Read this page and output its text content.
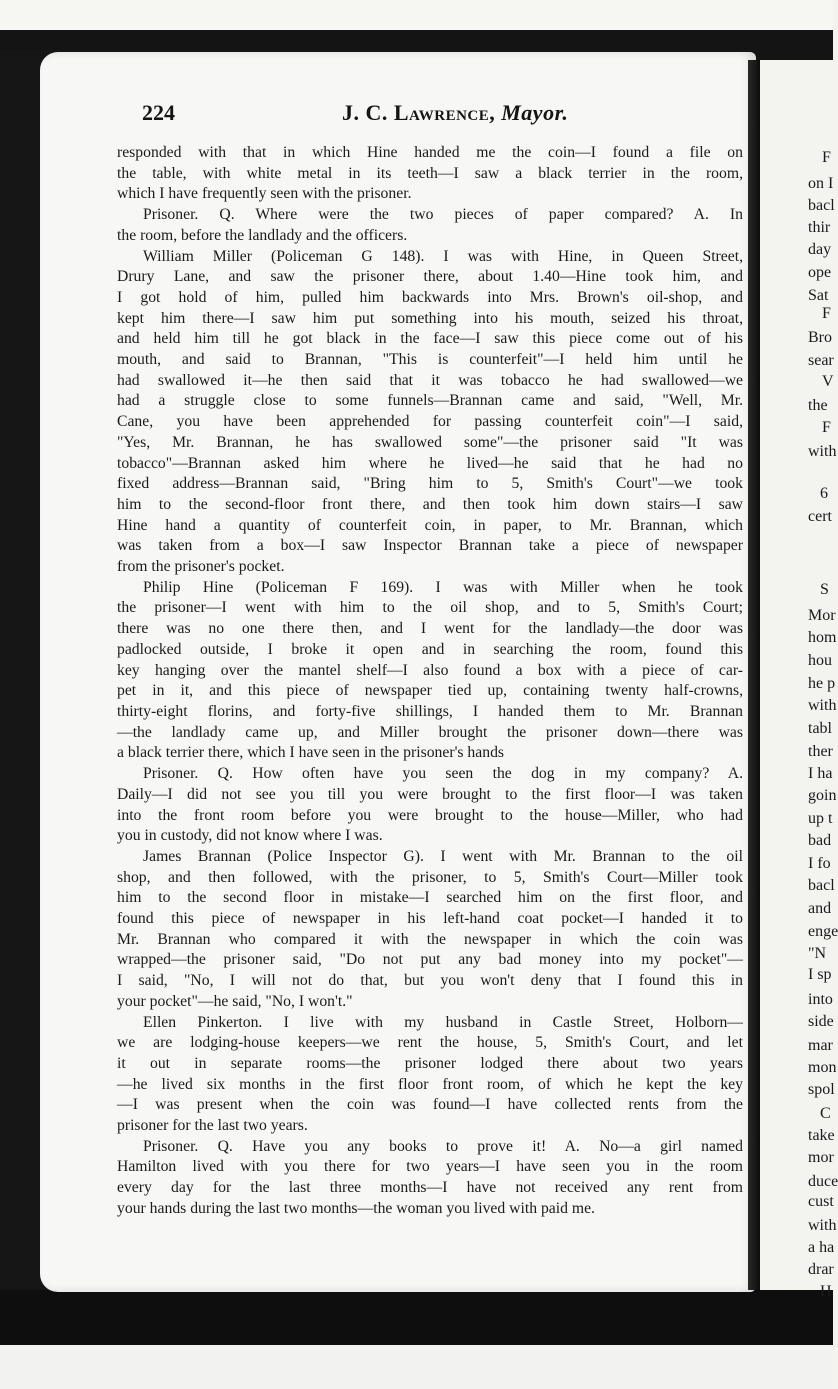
F
on I
bacl
thir
day
ope
Sat
F
Bro
sear
V
the
F
with
6
cert
S
Mor
hom
hou
he p
with
tabl
ther
I ha
goin
up t
bad
I fo
bacl
and
enge
"N
I sp
into
side
mar
mon
spol
C
take
mor
duce
cust
with
a ha
drar
H
224	J. C. Lawrence, Mayor.
responded with that in which Hine handed me the coin—I found a file on
the table, with white metal in its teeth—I saw a black terrier in the room,
which I have frequently seen with the prisoner.
Prisoner. Q. Where were the two pieces of paper compared? A. In
the room, before the landlady and the officers.
William Miller (Policeman G 148). I was with Hine, in Queen Street,
Drury Lane, and saw the prisoner there, about 1.40—Hine took him, and
I got hold of him, pulled him backwards into Mrs. Brown's oil-shop, and
kept him there—I saw him put something into his mouth, seized his throat,
and held him till he got black in the face—I saw this piece come out of his
mouth, and said to Brannan, "This is counterfeit"—I held him until he
had swallowed it—he then said that it was tobacco he had swallowed—we
had a struggle close to some funnels—Brannan came and said, "Well, Mr.
Cane, you have been apprehended for passing counterfeit coin"—I said,
"Yes, Mr. Brannan, he has swallowed some"—the prisoner said "It was
tobacco"—Brannan asked him where he lived—he said that he had no
fixed address—Brannan said, "Bring him to 5, Smith's Court"—we took
him to the second-floor front there, and then took him down stairs—I saw
Hine hand a quantity of counterfeit coin, in paper, to Mr. Brannan, which
was taken from a box—I saw Inspector Brannan take a piece of newspaper
from the prisoner's pocket.
Philip Hine (Policeman F 169). I was with Miller when he took
the prisoner—I went with him to the oil shop, and to 5, Smith's Court;
there was no one there then, and I went for the landlady—the door was
padlocked outside, I broke it open and in searching the room, found this
key hanging over the mantel shelf—I also found a box with a piece of car-
pet in it, and this piece of newspaper tied up, containing twenty half-crowns,
thirty-eight florins, and forty-five shillings, I handed them to Mr. Brannan
—the landlady came up, and Miller brought the prisoner down—there was
a black terrier there, which I have seen in the prisoner's hands
Prisoner. Q. How often have you seen the dog in my company? A.
Daily—I did not see you till you were brought to the first floor—I was taken
into the front room before you were brought to the house—Miller, who had
you in custody, did not know where I was.
James Brannan (Police Inspector G). I went with Mr. Brannan to the oil
shop, and then followed, with the prisoner, to 5, Smith's Court—Miller took
him to the second floor in mistake—I searched him on the first floor, and
found this piece of newspaper in his left-hand coat pocket—I handed it to
Mr. Brannan who compared it with the newspaper in which the coin was
wrapped—the prisoner said, "Do not put any bad money into my pocket"—
I said, "No, I will not do that, but you won't deny that I found this in
your pocket"—he said, "No, I won't."
Ellen Pinkerton. I live with my husband in Castle Street, Holborn—
we are lodging-house keepers—we rent the house, 5, Smith's Court, and let
it out in separate rooms—the prisoner lodged there about two years
—he lived six months in the first floor front room, of which he kept the key
—I was present when the coin was found—I have collected rents from the
prisoner for the last two years.
Prisoner. Q. Have you any books to prove it! A. No—a girl named
Hamilton lived with you there for two years—I have seen you in the room
every day for the last three months—I have not received any rent from
your hands during the last two months—the woman you lived with paid me.
